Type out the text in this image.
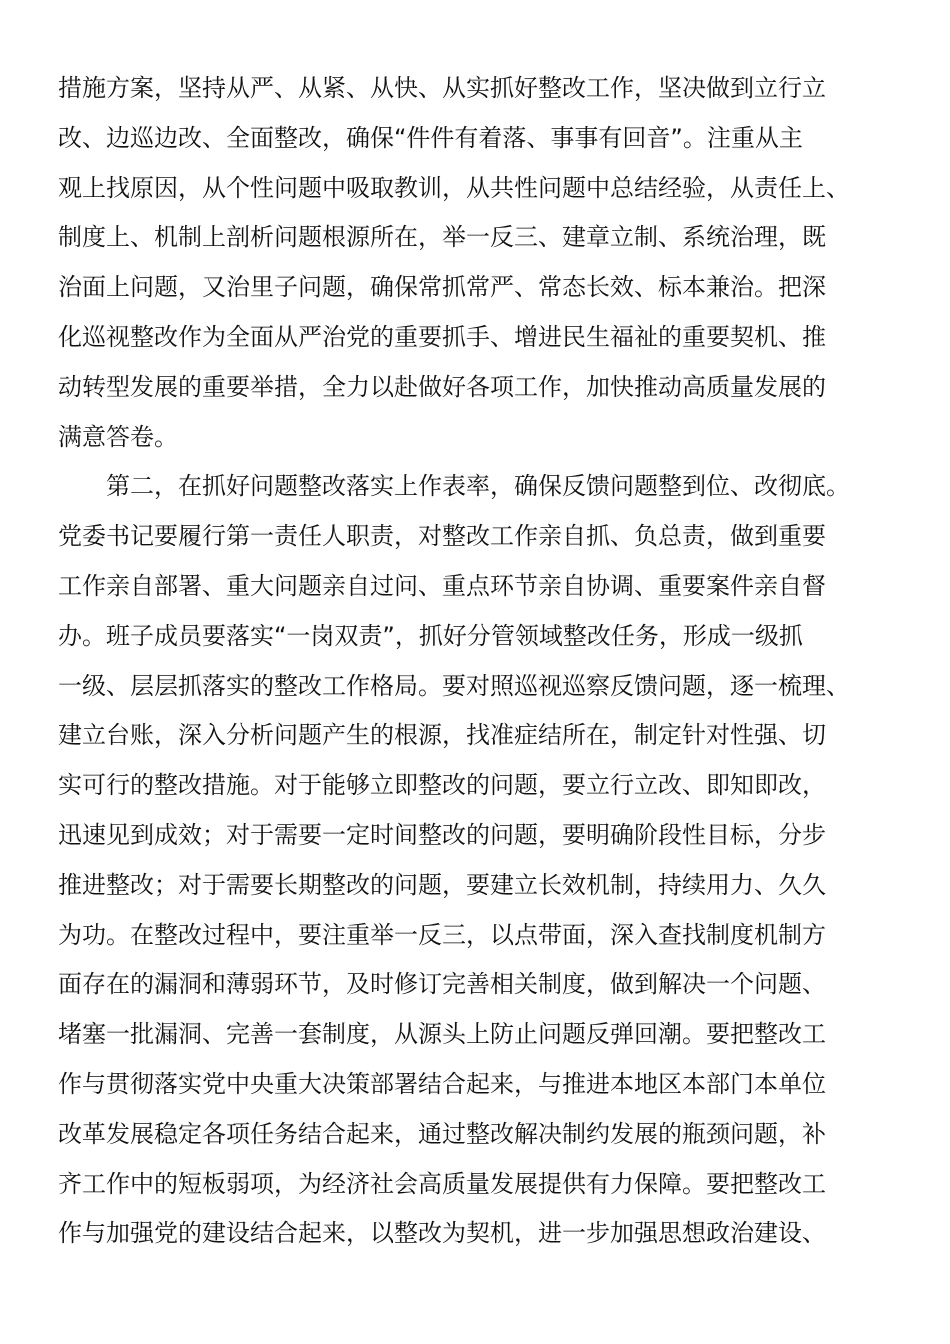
措施方案，坚持从严、从紧、从快、从实抓好整改工作，坚决做到立行立
改、边巡边改、全面整改，确保“件件有着落、事事有回音”。注重从主
观上找原因，从个性问题中吸取教训，从共性问题中总结经验，从责任上、
制度上、机制上剖析问题根源所在，举一反三、建章立制、系统治理，既
治面上问题，又治里子问题，确保常抓常严、常态长效、标本兼治。把深
化巡视整改作为全面从严治党的重要抓手、增进民生福祉的重要契机、推
动转型发展的重要举措，全力以赴做好各项工作，加快推动高质量发展的
满意答卷。
第二，在抓好问题整改落实上作表率，确保反馈问题整到位、改彻底。
党委书记要履行第一责任人职责，对整改工作亲自抓、负总责，做到重要
工作亲自部署、重大问题亲自过问、重点环节亲自协调、重要案件亲自督
办。班子成员要落实“一岗双责”，抓好分管领域整改任务，形成一级抓
一级、层层抓落实的整改工作格局。要对照巡视巡察反馈问题，逐一梳理、
建立台账，深入分析问题产生的根源，找准症结所在，制定针对性强、切
实可行的整改措施。对于能够立即整改的问题，要立行立改、即知即改，
迅速见到成效；对于需要一定时间整改的问题，要明确阶段性目标，分步
推进整改；对于需要长期整改的问题，要建立长效机制，持续用力、久久
为功。在整改过程中，要注重举一反三，以点带面，深入查找制度机制方
面存在的漏洞和薄弱环节，及时修订完善相关制度，做到解决一个问题、
堵塞一批漏洞、完善一套制度，从源头上防止问题反弹回潮。要把整改工
作与贯彻落实党中央重大决策部署结合起来，与推进本地区本部门本单位
改革发展稳定各项任务结合起来，通过整改解决制约发展的瓶颈问题，补
齐工作中的短板弱项，为经济社会高质量发展提供有力保障。要把整改工
作与加强党的建设结合起来，以整改为契机，进一步加强思想政治建设、
